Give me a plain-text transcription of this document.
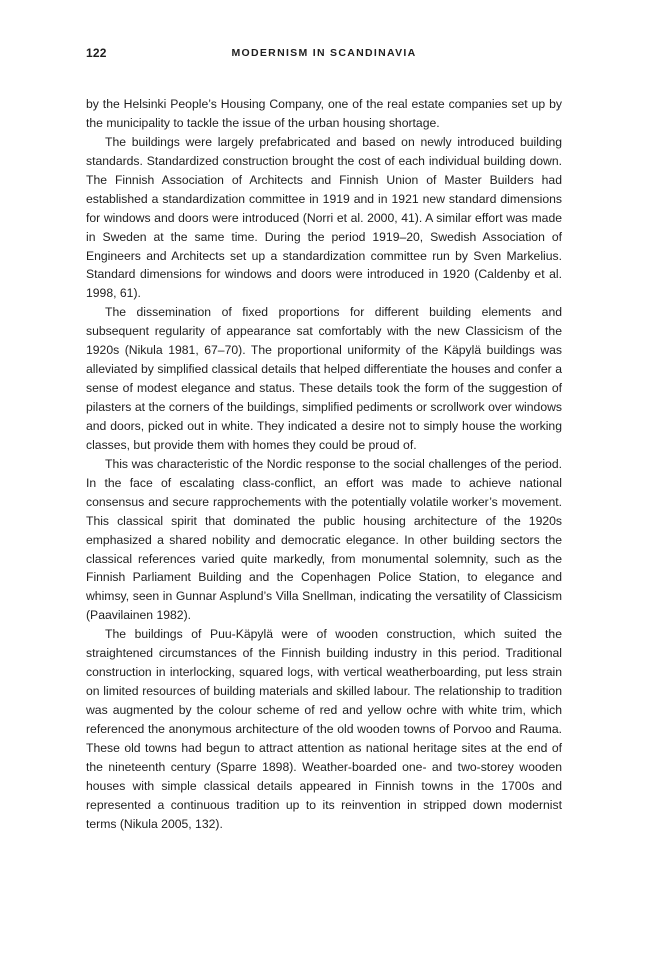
122	MODERNISM IN SCANDINAVIA

by the Helsinki People’s Housing Company, one of the real estate companies set up by the municipality to tackle the issue of the urban housing shortage.

The buildings were largely prefabricated and based on newly introduced building standards. Standardized construction brought the cost of each individual building down. The Finnish Association of Architects and Finnish Union of Master Builders had established a standardization committee in 1919 and in 1921 new standard dimensions for windows and doors were introduced (Norri et al. 2000, 41). A similar effort was made in Sweden at the same time. During the period 1919–20, Swedish Association of Engineers and Architects set up a standardization committee run by Sven Markelius. Standard dimensions for windows and doors were introduced in 1920 (Caldenby et al. 1998, 61).

The dissemination of fixed proportions for different building elements and subsequent regularity of appearance sat comfortably with the new Classicism of the 1920s (Nikula 1981, 67–70). The proportional uniformity of the Käpylä buildings was alleviated by simplified classical details that helped differentiate the houses and confer a sense of modest elegance and status. These details took the form of the suggestion of pilasters at the corners of the buildings, simplified pediments or scrollwork over windows and doors, picked out in white. They indicated a desire not to simply house the working classes, but provide them with homes they could be proud of.

This was characteristic of the Nordic response to the social challenges of the period. In the face of escalating class-conflict, an effort was made to achieve national consensus and secure rapprochements with the potentially volatile worker’s movement. This classical spirit that dominated the public housing architecture of the 1920s emphasized a shared nobility and democratic elegance. In other building sectors the classical references varied quite markedly, from monumental solemnity, such as the Finnish Parliament Building and the Copenhagen Police Station, to elegance and whimsy, seen in Gunnar Asplund’s Villa Snellman, indicating the versatility of Classicism (Paavilainen 1982).

The buildings of Puu-Käpylä were of wooden construction, which suited the straightened circumstances of the Finnish building industry in this period. Traditional construction in interlocking, squared logs, with vertical weatherboarding, put less strain on limited resources of building materials and skilled labour. The relationship to tradition was augmented by the colour scheme of red and yellow ochre with white trim, which referenced the anonymous architecture of the old wooden towns of Porvoo and Rauma. These old towns had begun to attract attention as national heritage sites at the end of the nineteenth century (Sparre 1898). Weather-boarded one- and two-storey wooden houses with simple classical details appeared in Finnish towns in the 1700s and represented a continuous tradition up to its reinvention in stripped down modernist terms (Nikula 2005, 132).
